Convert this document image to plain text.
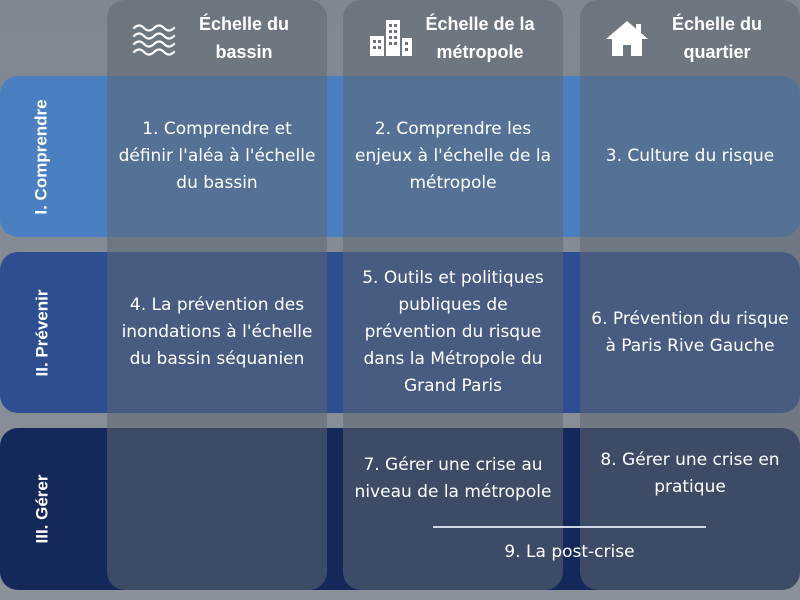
Échelle du bassin
Échelle de la métropole
Échelle du quartier
I. Comprendre
II. Prévenir
III. Gérer
1. Comprendre et définir l'aléa à l'échelle du bassin
2. Comprendre les enjeux à l'échelle de la métropole
3. Culture du risque
4. La prévention des inondations à l'échelle du bassin séquanien
5. Outils et politiques publiques de prévention du risque dans la Métropole du Grand Paris
6. Prévention du risque à Paris Rive Gauche
7. Gérer une crise au niveau de la métropole
8. Gérer une crise en pratique
9. La post-crise
